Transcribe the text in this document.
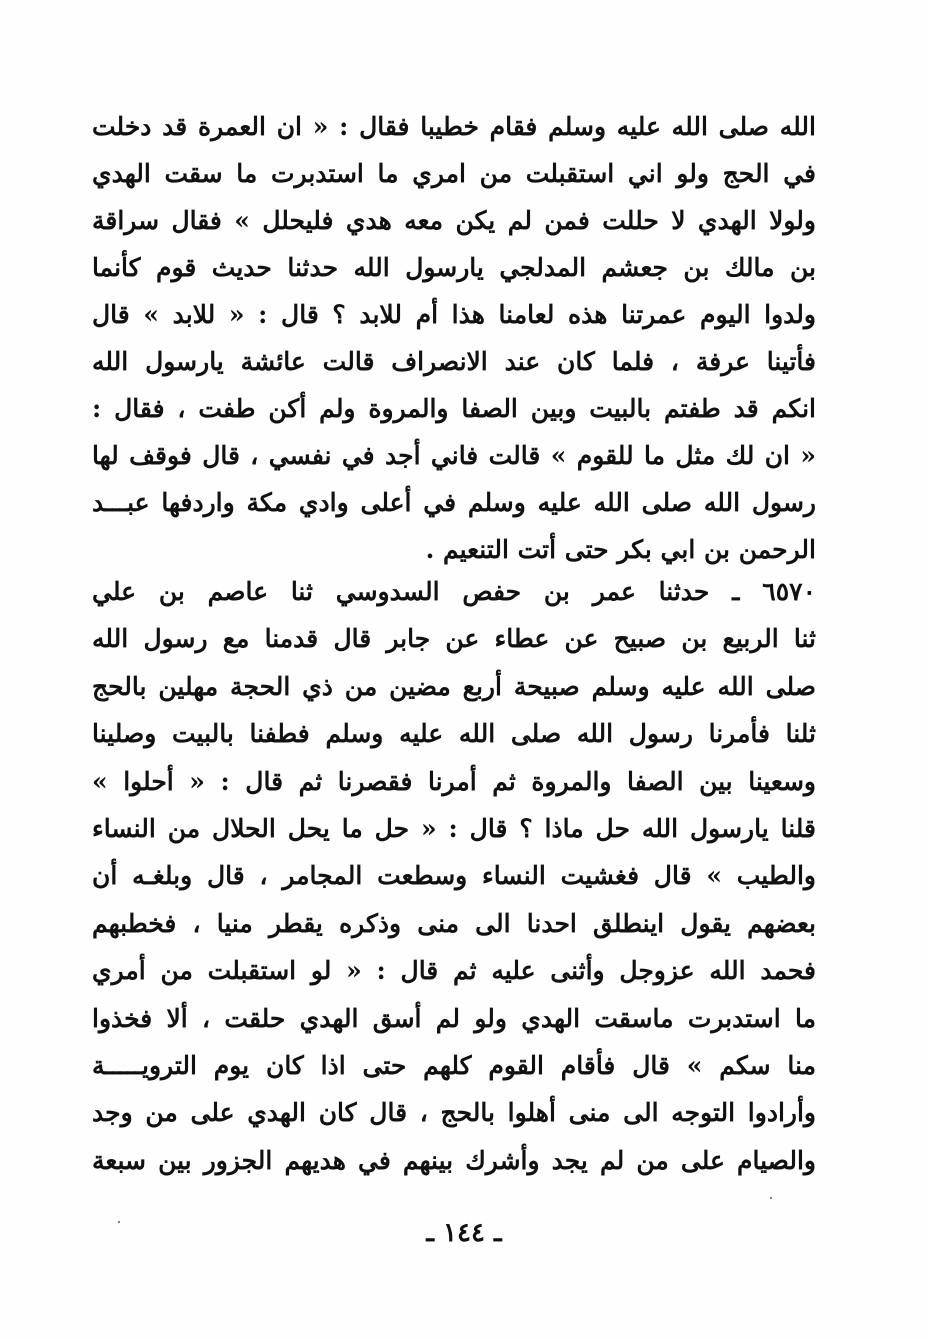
الله صلى الله عليه وسلم فقام خطيبا فقال : « ان العمرة قد دخلت
في الحج ولو اني استقبلت من امري ما استدبرت ما سقت الهدي
ولولا الهدي لا حللت فمن لم يكن معه هدي فليحلل » فقال سراقة
بن مالك بن جعشم المدلجي يارسول الله حدثنا حديث قوم كأنما
ولدوا اليوم عمرتنا هذه لعامنا هذا أم للابد ؟ قال : « للابد » قال
فأتينا عرفة ، فلما كان عند الانصراف قالت عائشة يارسول الله
انكم قد طفتم بالبيت وبين الصفا والمروة ولم أكن طفت ، فقال :
« ان لك مثل ما للقوم » قالت فاني أجد في نفسي ، قال فوقف لها
رسول الله صلى الله عليه وسلم في أعلى وادي مكة واردفها عبـــد
الرحمن بن ابي بكر حتى أتت التنعيم .
٦٥٧٠ ـ حدثنا عمر بن حفص السدوسي ثنا عاصم بن علي
ثنا الربيع بن صبيح عن عطاء عن جابر قال قدمنا مع رسول الله
صلى الله عليه وسلم صبيحة أربع مضين من ذي الحجة مهلين بالحج
ثلنا فأمرنا رسول الله صلى الله عليه وسلم فطفنا بالبيت وصلينا
وسعينا بين الصفا والمروة ثم أمرنا فقصرنا ثم قال : « أحلوا »
قلنا يارسول الله حل ماذا ؟ قال : « حل ما يحل الحلال من النساء
والطيب » قال فغشيت النساء وسطعت المجامر ، قال وبلغـه أن
بعضهم يقول اينطلق احدنا الى منى وذكره يقطر منيا ، فخطبهم
فحمد الله عزوجل وأثنى عليه ثم قال : « لو استقبلت من أمري
ما استدبرت ماسقت الهدي ولو لم أسق الهدي حلقت ، ألا فخذوا
منا سكم » قال فأقام القوم كلهم حتى اذا كان يوم الترويـــــة
وأرادوا التوجه الى منى أهلوا بالحج ، قال كان الهدي على من وجد
والصيام على من لم يجد وأشرك بينهم في هديهم الجزور بين سبعة
ـ ١٤٤ ـ
